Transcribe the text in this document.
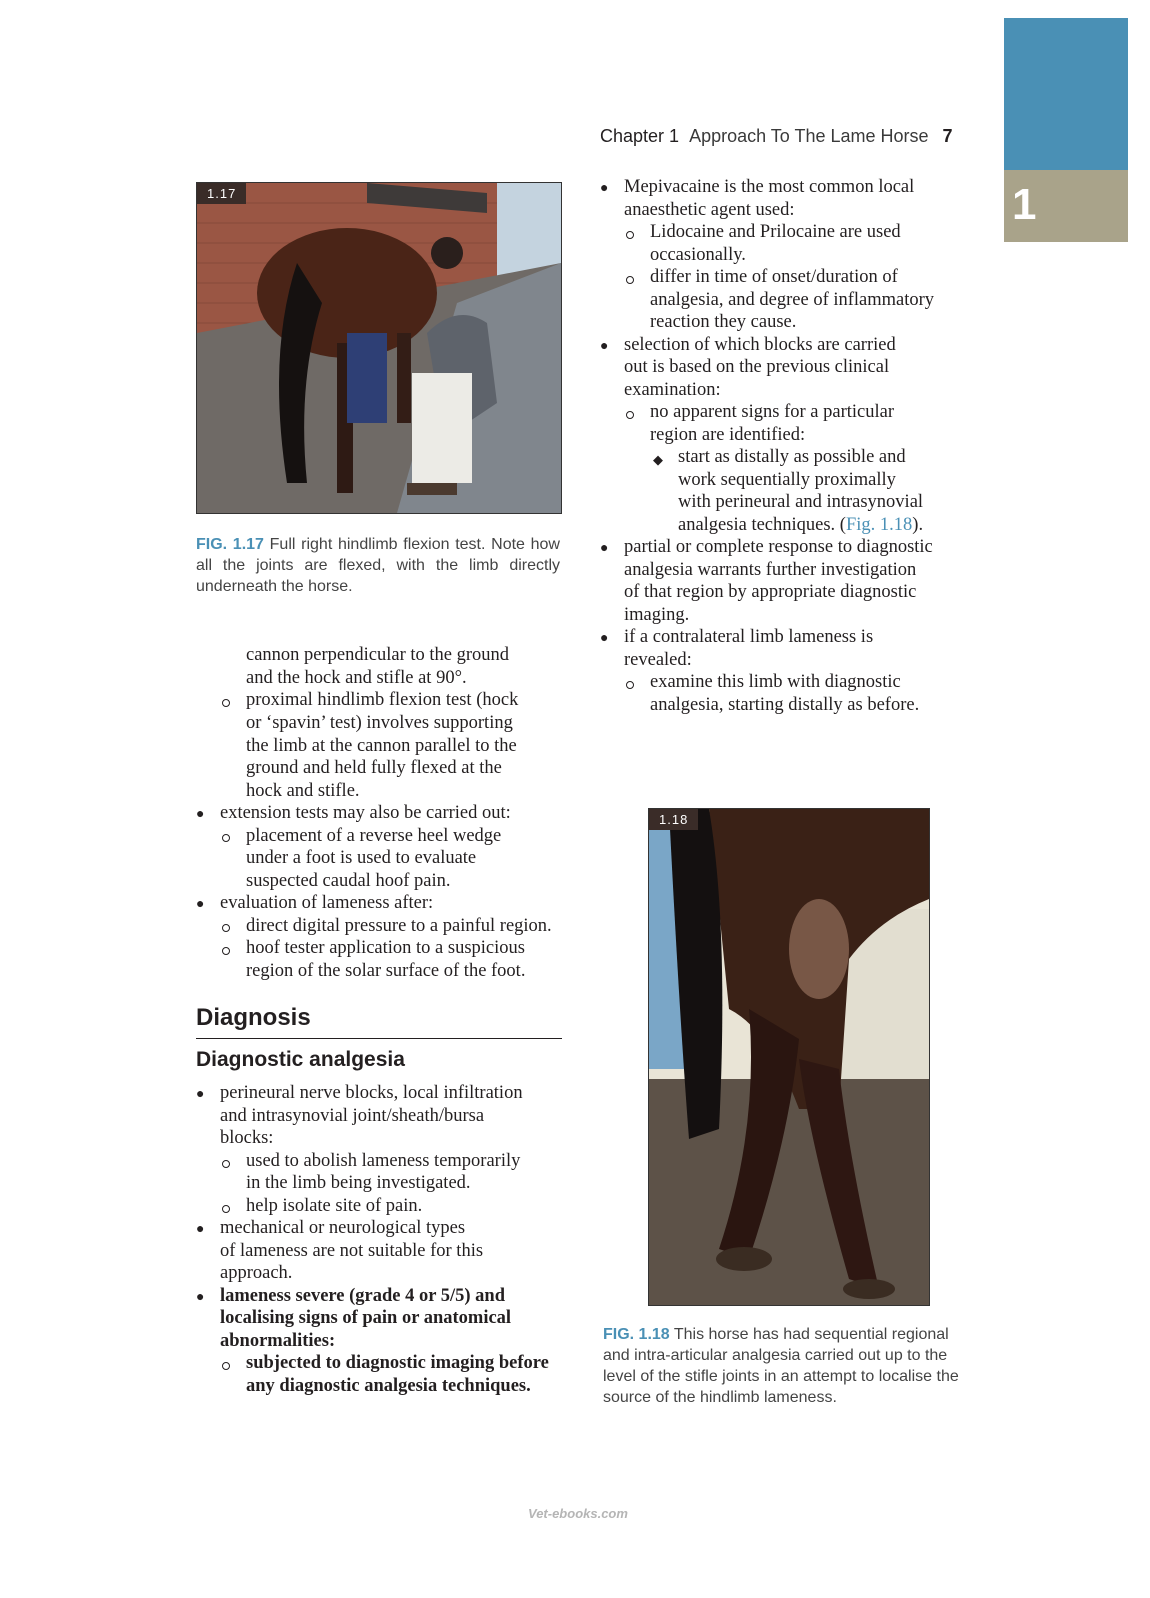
1
Chapter 1 Approach To The Lame Horse 7
1.17
FIG. 1.17 Full right hindlimb flexion test. Note how all the joints are flexed, with the limb directly underneath the horse.
cannon perpendicular to the ground
and the hock and stifle at 90°.
proximal hindlimb flexion test (hock
or ‘spavin’ test) involves supporting
the limb at the cannon parallel to the
ground and held fully flexed at the
hock and stifle.
● extension tests may also be carried out:
placement of a reverse heel wedge
under a foot is used to evaluate
suspected caudal hoof pain.
● evaluation of lameness after:
direct digital pressure to a painful region.
hoof tester application to a suspicious
region of the solar surface of the foot.
Diagnosis
Diagnostic analgesia
● perineural nerve blocks, local infiltration
and intrasynovial joint/sheath/bursa
blocks:
used to abolish lameness temporarily
in the limb being investigated.
help isolate site of pain.
● mechanical or neurological types
of lameness are not suitable for this
approach.
● lameness severe (grade 4 or 5/5) and
localising signs of pain or anatomical
abnormalities:
subjected to diagnostic imaging before
any diagnostic analgesia techniques.
● Mepivacaine is the most common local
anaesthetic agent used:
Lidocaine and Prilocaine are used
occasionally.
differ in time of onset/duration of
analgesia, and degree of inflammatory
reaction they cause.
● selection of which blocks are carried
out is based on the previous clinical
examination:
no apparent signs for a particular
region are identified:
◆ start as distally as possible and
work sequentially proximally
with perineural and intrasynovial
analgesia techniques. (Fig. 1.18).
● partial or complete response to diagnostic
analgesia warrants further investigation
of that region by appropriate diagnostic
imaging.
● if a contralateral limb lameness is
revealed:
examine this limb with diagnostic
analgesia, starting distally as before.
1.18
FIG. 1.18 This horse has had sequential regional and intra-articular analgesia carried out up to the level of the stifle joints in an attempt to localise the source of the hindlimb lameness.
Vet-ebooks.com
